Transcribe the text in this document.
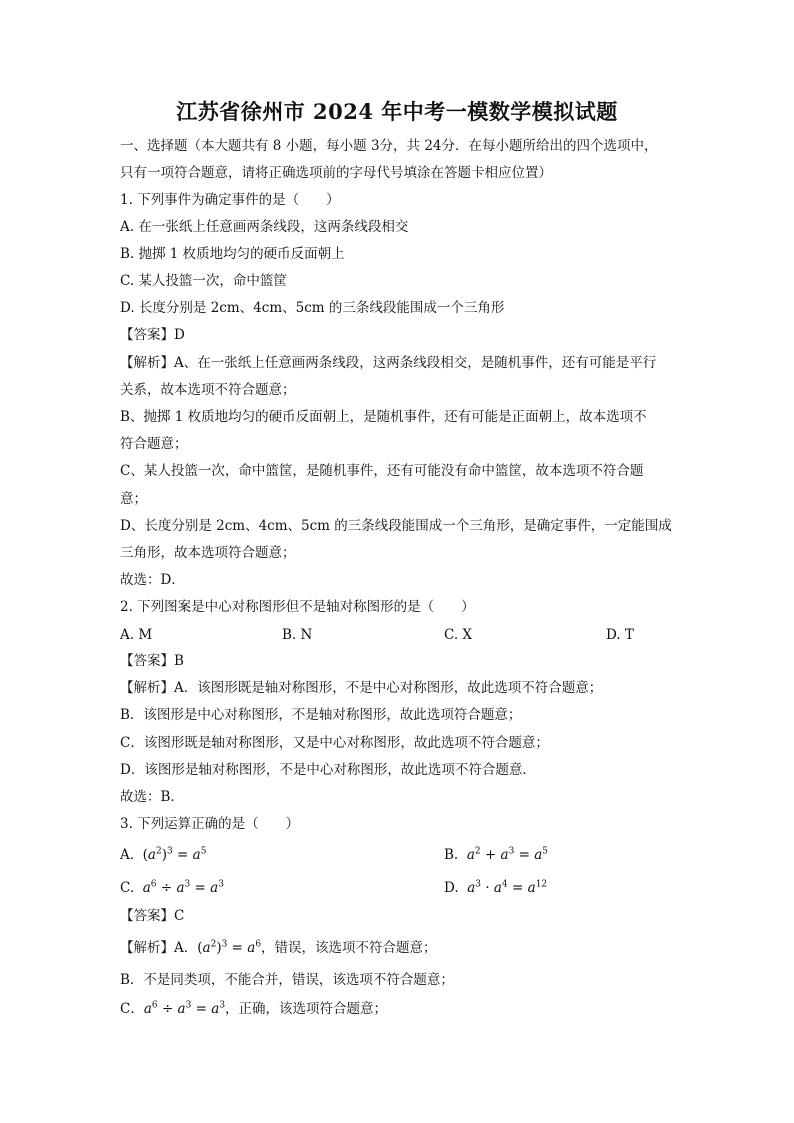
江苏省徐州市 2024 年中考一模数学模拟试题
一、选择题（本大题共有 8 小题，每小题 3分，共 24分．在每小题所给出的四个选项中，
只有一项符合题意，请将正确选项前的字母代号填涂在答题卡相应位置）
1. 下列事件为确定事件的是（　　）
A. 在一张纸上任意画两条线段，这两条线段相交
B. 抛掷 1 枚质地均匀的硬币反面朝上
C. 某人投篮一次，命中篮筐
D. 长度分别是 2cm、4cm、5cm 的三条线段能围成一个三角形
【答案】D
【解析】A、在一张纸上任意画两条线段，这两条线段相交，是随机事件，还有可能是平行
关系，故本选项不符合题意；
B、抛掷 1 枚质地均匀的硬币反面朝上，是随机事件，还有可能是正面朝上，故本选项不
符合题意；
C、某人投篮一次，命中篮筐，是随机事件，还有可能没有命中篮筐，故本选项不符合题
意；
D、长度分别是 2cm、4cm、5cm 的三条线段能围成一个三角形，是确定事件，一定能围成
三角形，故本选项符合题意；
故选：D．
2. 下列图案是中心对称图形但不是轴对称图形的是（　　）
A. M	B. N	C. X	D. T
【答案】B
【解析】A．该图形既是轴对称图形，不是中心对称图形，故此选项不符合题意；
B．该图形是中心对称图形，不是轴对称图形，故此选项符合题意；
C．该图形既是轴对称图形，又是中心对称图形，故此选项不符合题意；
D．该图形是轴对称图形，不是中心对称图形，故此选项不符合题意．
故选：B．
3. 下列运算正确的是（　　）
A. $(a^2)^3 = a^5$	B. $a^2 + a^3 = a^5$
C. $a^6 \div a^3 = a^3$	D. $a^3 \cdot a^4 = a^{12}$
【答案】C
【解析】A．$(a^2)^3 = a^6$，错误，该选项不符合题意；
B．不是同类项，不能合并，错误，该选项不符合题意；
C．$a^6 \div a^3 = a^3$，正确，该选项符合题意；
